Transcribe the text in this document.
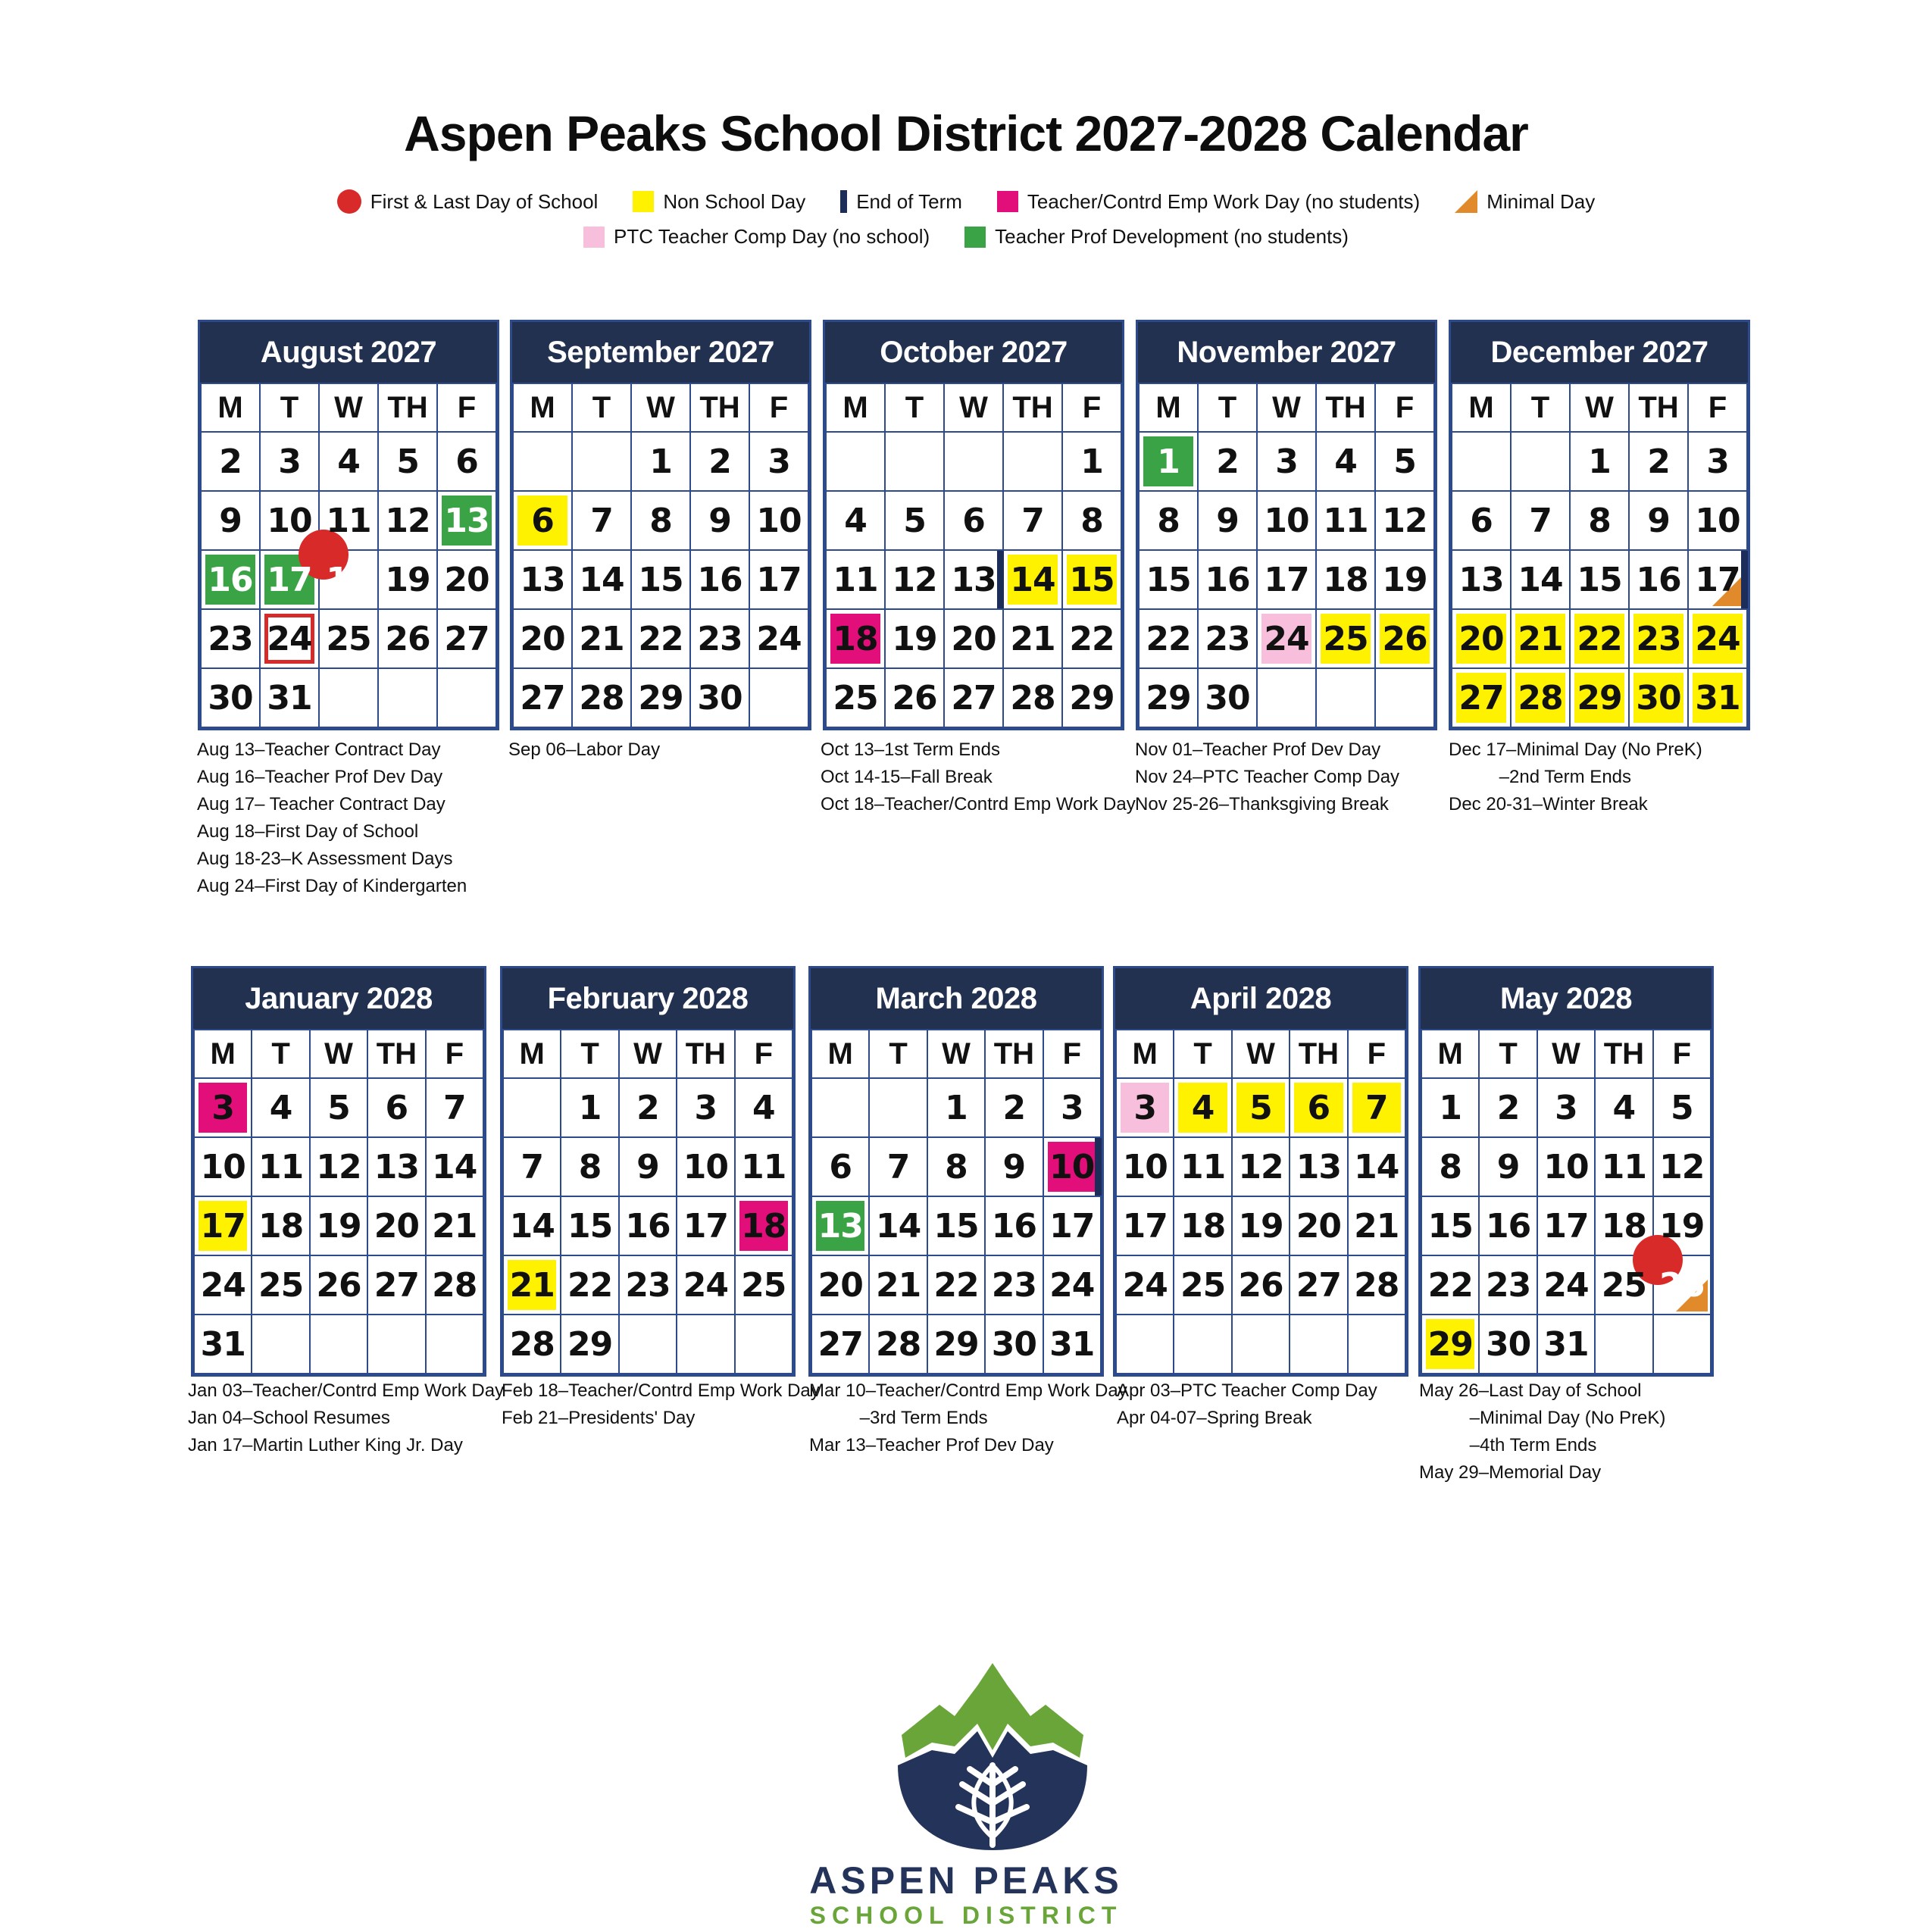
Aspen Peaks School District 2027-2028 Calendar
First & Last Day of School	Non School Day	End of Term	Teacher/Contrd Emp Work Day (no students)	Minimal Day
PTC Teacher Comp Day (no school)	Teacher Prof Development (no students)
August 2027
M	T	W	TH	F
2	3	4	5	6
9	10	11	12	13

16	17	18	19	20
23	24	25	26	27
30	31			
September 2027
M	T	W	TH	F
		1	2	3

6	7	8	9	10
13	14	15	16	17
20	21	22	23	24
27	28	29	30	
October 2027
M	T	W	TH	F
				1
4	5	6	7	8
11	12	13	14	15

18	19	20	21	22
25	26	27	28	29
November 2027
M	T	W	TH	F

1	2	3	4	5
8	9	10	11	12
15	16	17	18	19
22	23	24	25	26
29	30			
December 2027
M	T	W	TH	F
		1	2	3
6	7	8	9	10
13	14	15	16	17

20	21	22	23	24

27	28	29	30	31
January 2028
M	T	W	TH	F

3	4	5	6	7
10	11	12	13	14

17	18	19	20	21
24	25	26	27	28
31				
February 2028
M	T	W	TH	F
	1	2	3	4
7	8	9	10	11
14	15	16	17	18

21	22	23	24	25
28	29			
March 2028
M	T	W	TH	F
		1	2	3
6	7	8	9	10

13	14	15	16	17
20	21	22	23	24
27	28	29	30	31
April 2028
M	T	W	TH	F

3	4	5	6	7
10	11	12	13	14
17	18	19	20	21
24	25	26	27	28

May 2028
M	T	W	TH	F
1	2	3	4	5
8	9	10	11	12
15	16	17	18	19
22	23	24	25	26

29	30	31		
Aug 13–Teacher Contract Day
Aug 16–Teacher Prof Dev Day
Aug 17– Teacher Contract Day
Aug 18–First Day of School
Aug 18-23–K Assessment Days
Aug 24–First Day of Kindergarten
Sep 06–Labor Day	Oct 13–1st Term Ends
Oct 14-15–Fall Break
Oct 18–Teacher/Contrd Emp Work Day
Nov 01–Teacher Prof Dev Day
Nov 24–PTC Teacher Comp Day
Nov 25-26–Thanksgiving Break
Dec 17–Minimal Day (No PreK)
–2nd Term Ends
Dec 20-31–Winter Break
Jan 03–Teacher/Contrd Emp Work Day
Jan 04–School Resumes
Jan 17–Martin Luther King Jr. Day
Feb 18–Teacher/Contrd Emp Work Day
Feb 21–Presidents' Day
Mar 10–Teacher/Contrd Emp Work Day
–3rd Term Ends
Mar 13–Teacher Prof Dev Day
Apr 03–PTC Teacher Comp Day
Apr 04-07–Spring Break
May 26–Last Day of School
–Minimal Day (No PreK)
–4th Term Ends
May 29–Memorial Day
ASPEN PEAKS
SCHOOL DISTRICT
